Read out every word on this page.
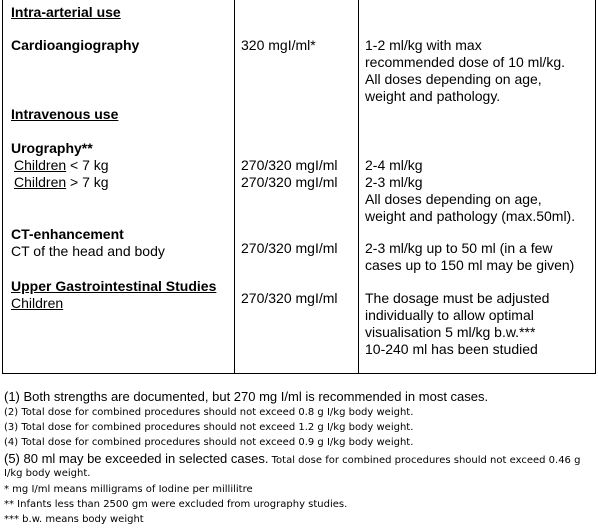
Intra-arterial use
Cardioangiography	320 mgI/ml*	1-2 ml/kg with max
recommended dose of 10 ml/kg.
All doses depending on age,
weight and pathology.
Intravenous use
Urography**
Children < 7 kg	270/320 mgI/ml 2-4 ml/kg
Children > 7 kg	270/320 mgI/ml 2-3 ml/kg
All doses depending on age,
weight and pathology (max.50ml).
CT-enhancement
CT of the head and body	270/320 mgI/ml 2-3 ml/kg up to 50 ml (in a few
cases up to 150 ml may be given)
Upper Gastrointestinal Studies
Children	270/320 mgI/ml The dosage must be adjusted
individually to allow optimal
visualisation 5 ml/kg b.w.***
10-240 ml has been studied
(1) Both strengths are documented, but 270 mg I/ml is recommended in most cases.
(2) Total dose for combined procedures should not exceed 0.8 g I/kg body weight.
(3) Total dose for combined procedures should not exceed 1.2 g I/kg body weight.
(4) Total dose for combined procedures should not exceed 0.9 g I/kg body weight.
(5) 80 ml may be exceeded in selected cases. Total dose for combined procedures should not exceed 0.46 g
I/kg body weight.
* mg I/ml means milligrams of Iodine per millilitre
** Infants less than 2500 gm were excluded from urography studies.
*** b.w. means body weight
